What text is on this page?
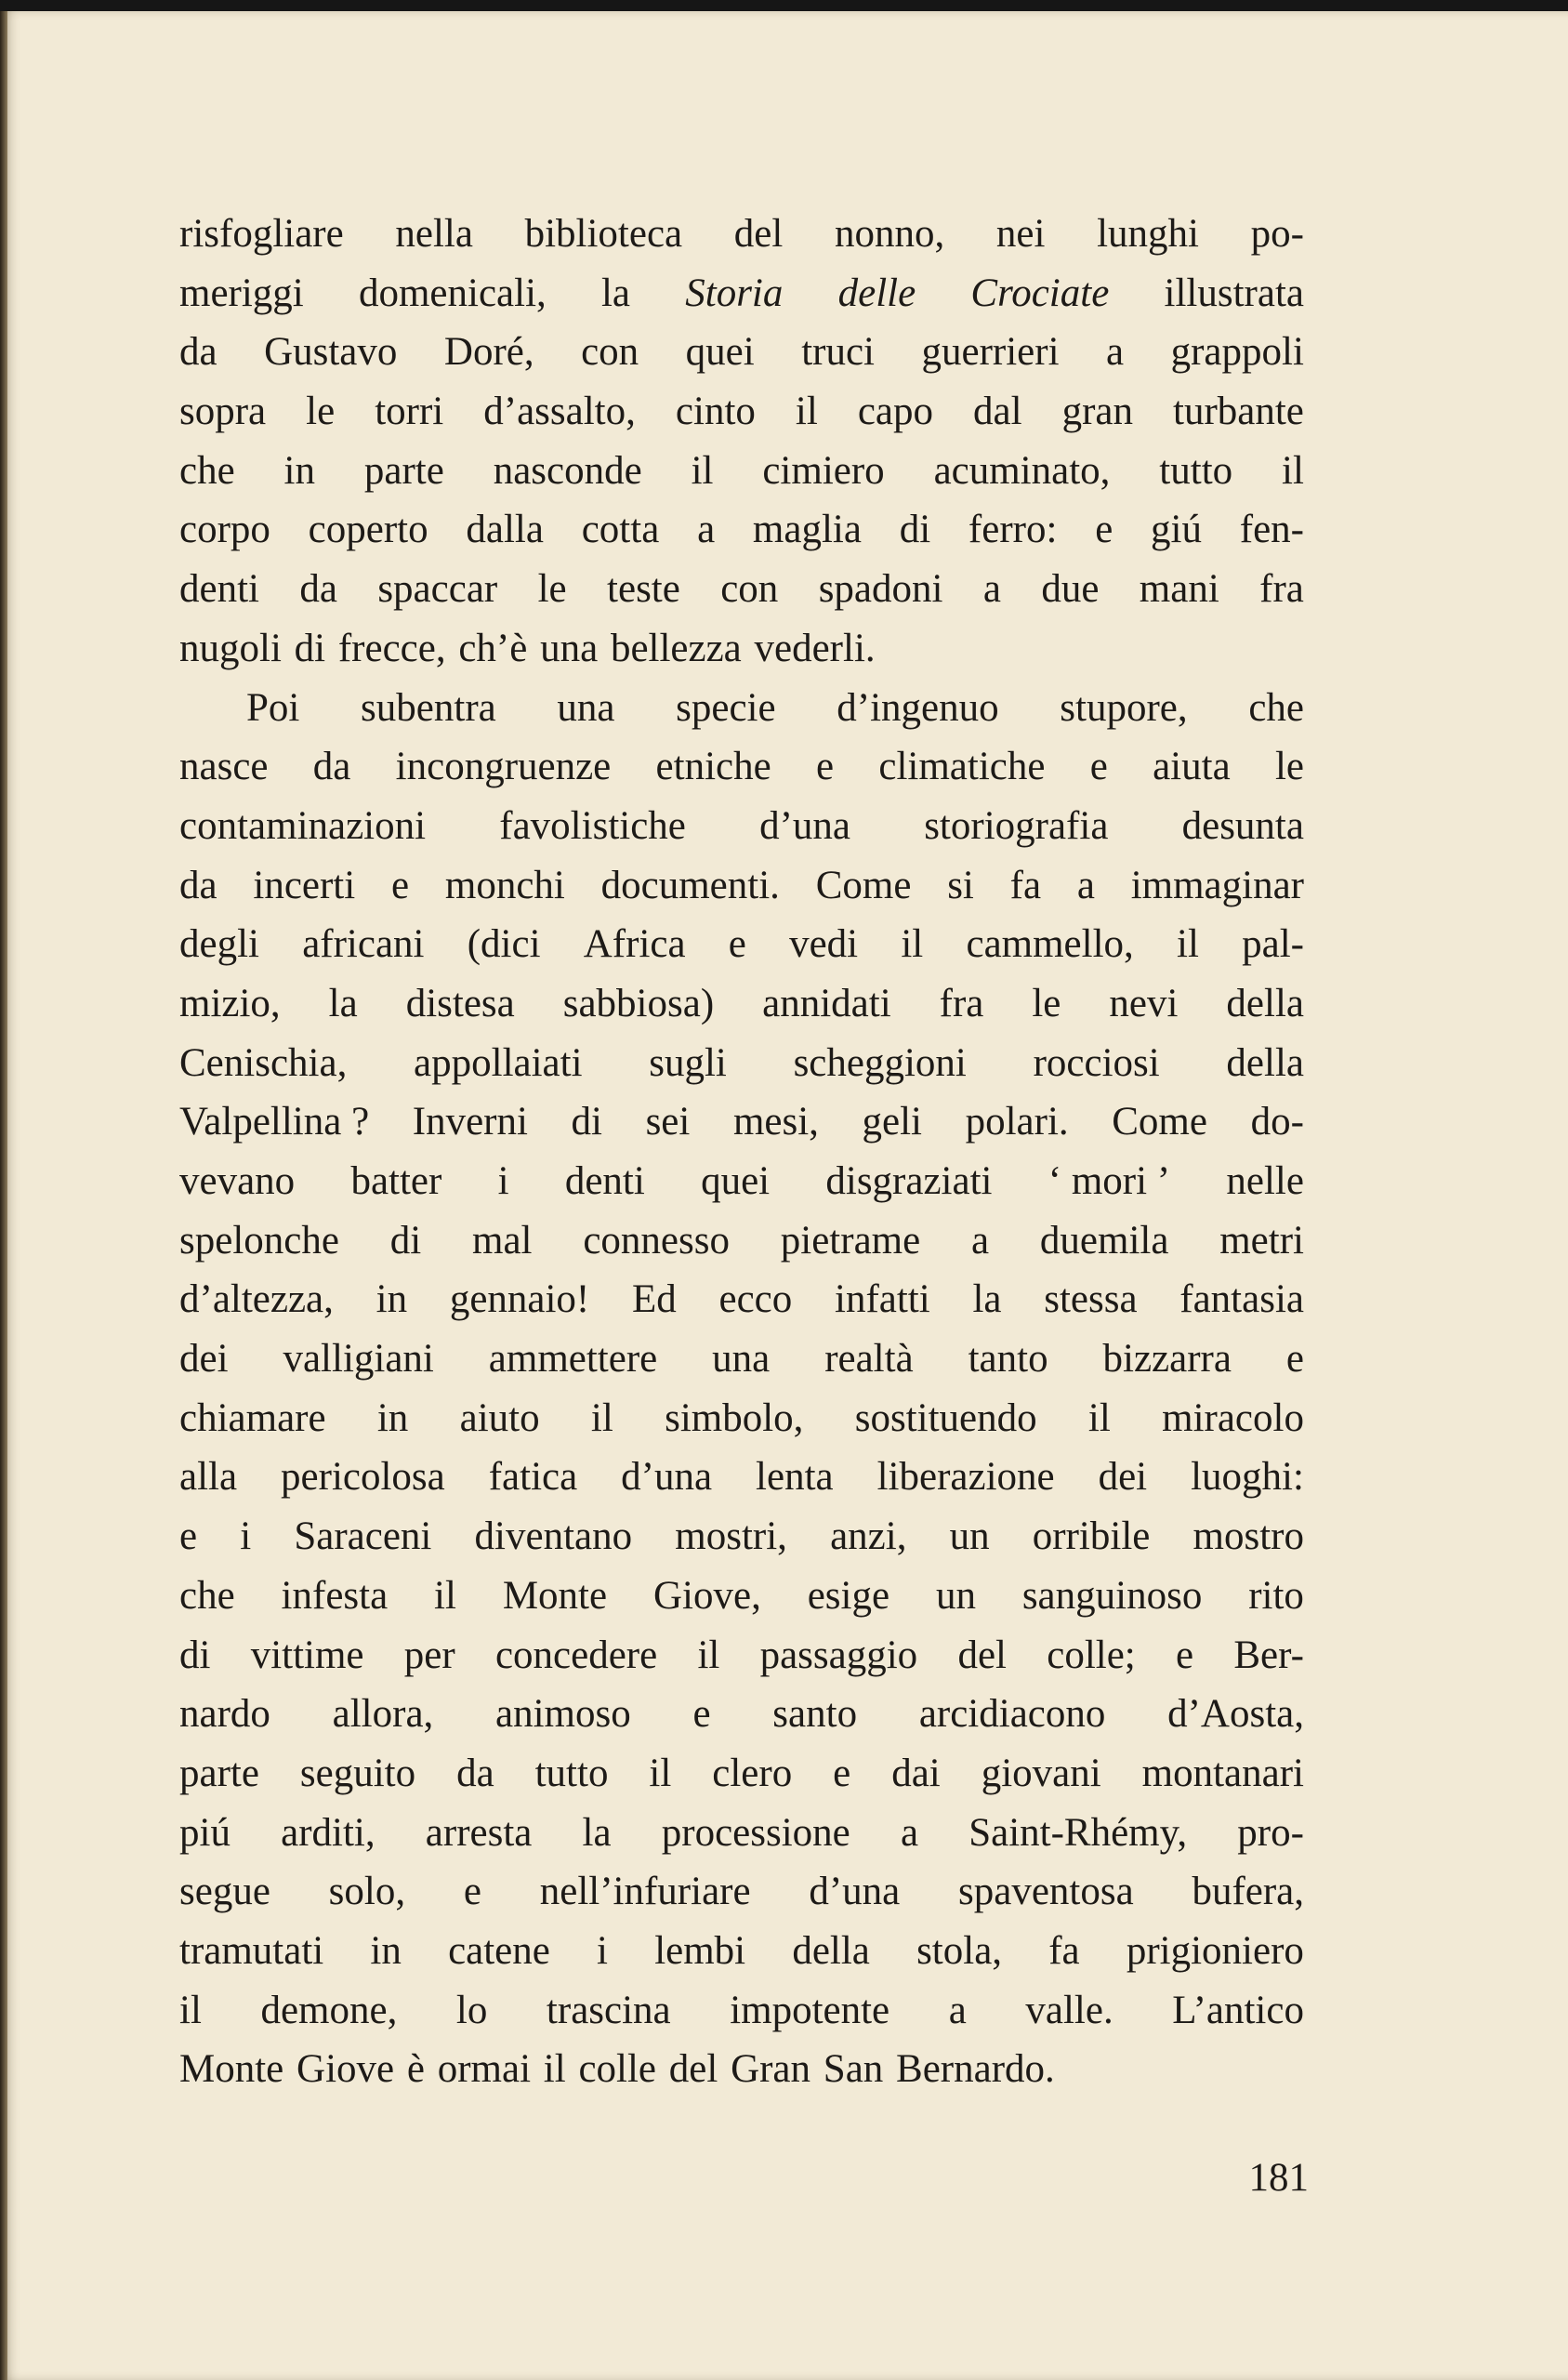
risfogliare nella biblioteca del nonno, nei lunghi po-
meriggi domenicali, la Storia delle Crociate illustrata
da Gustavo Doré, con quei truci guerrieri a grappoli
sopra le torri d’assalto, cinto il capo dal gran turbante
che in parte nasconde il cimiero acuminato, tutto il
corpo coperto dalla cotta a maglia di ferro: e giú fen-
denti da spaccar le teste con spadoni a due mani fra
nugoli di frecce, ch’è una bellezza vederli.
Poi subentra una specie d’ingenuo stupore, che
nasce da incongruenze etniche e climatiche e aiuta le
contaminazioni favolistiche d’una storiografia desunta
da incerti e monchi documenti. Come si fa a immaginar
degli africani (dici Africa e vedi il cammello, il pal-
mizio, la distesa sabbiosa) annidati fra le nevi della
Cenischia, appollaiati sugli scheggioni rocciosi della
Valpellina ? Inverni di sei mesi, geli polari. Come do-
vevano batter i denti quei disgraziati ‘ mori ’ nelle
spelonche di mal connesso pietrame a duemila metri
d’altezza, in gennaio! Ed ecco infatti la stessa fantasia
dei valligiani ammettere una realtà tanto bizzarra e
chiamare in aiuto il simbolo, sostituendo il miracolo
alla pericolosa fatica d’una lenta liberazione dei luoghi:
e i Saraceni diventano mostri, anzi, un orribile mostro
che infesta il Monte Giove, esige un sanguinoso rito
di vittime per concedere il passaggio del colle; e Ber-
nardo allora, animoso e santo arcidiacono d’Aosta,
parte seguito da tutto il clero e dai giovani montanari
piú arditi, arresta la processione a Saint-Rhémy, pro-
segue solo, e nell’infuriare d’una spaventosa bufera,
tramutati in catene i lembi della stola, fa prigioniero
il demone, lo trascina impotente a valle. L’antico
Monte Giove è ormai il colle del Gran San Bernardo.
181
